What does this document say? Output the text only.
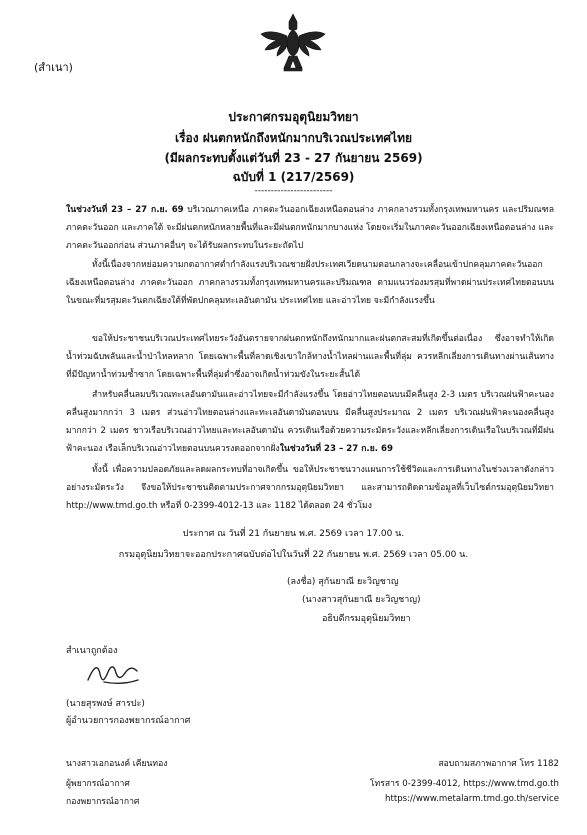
(สำเนา)
ประกาศกรมอุตุนิยมวิทยา
เรื่อง ฝนตกหนักถึงหนักมากบริเวณประเทศไทย
(มีผลกระทบตั้งแต่วันที่ 23 - 27 กันยายน 2569)
ฉบับที่ 1 (217/2569)
------------------------
ในช่วงวันที่ 23 – 27 ก.ย. 69 บริเวณภาคเหนือ ภาคตะวันออกเฉียงเหนือตอนล่าง ภาคกลางรวมทั้งกรุงเทพมหานคร และปริมณฑล ภาคตะวันออก และภาคใต้ จะมีฝนตกหนักหลายพื้นที่และมีฝนตกหนักมากบางแห่ง โดยจะเริ่มในภาคตะวันออกเฉียงเหนือตอนล่าง และภาคตะวันออกก่อน ส่วนภาคอื่นๆ จะได้รับผลกระทบในระยะถัดไป
ทั้งนี้เนื่องจากหย่อมความกดอากาศต่ำกำลังแรงบริเวณชายฝั่งประเทศเวียดนามตอนกลางจะเคลื่อนเข้าปกคลุมภาคตะวันออกเฉียงเหนือตอนล่าง ภาคตะวันออก ภาคกลางรวมทั้งกรุงเทพมหานครและปริมณฑล ตามแนวร่องมรสุมที่พาดผ่านประเทศไทยตอนบน ในขณะที่มรสุมตะวันตกเฉียงใต้ที่พัดปกคลุมทะเลอันดามัน ประเทศไทย และอ่าวไทย จะมีกำลังแรงขึ้น
ขอให้ประชาชนบริเวณประเทศไทยระวังอันตรายจากฝนตกหนักถึงหนักมากและฝนตกสะสมที่เกิดขึ้นต่อเนื่อง ซึ่งอาจทำให้เกิดน้ำท่วมฉับพลันและน้ำป่าไหลหลาก โดยเฉพาะพื้นที่ลาดเชิงเขาใกล้ทางน้ำไหลผ่านและพื้นที่ลุ่ม ควรหลีกเลี่ยงการเดินทางผ่านเส้นทางที่มีปัญหาน้ำท่วมซ้ำซาก โดยเฉพาะพื้นที่ลุ่มต่ำซึ่งอาจเกิดน้ำท่วมขังในระยะสั้นได้
สำหรับคลื่นลมบริเวณทะเลอันดามันและอ่าวไทยจะมีกำลังแรงขึ้น โดยอ่าวไทยตอนบนมีคลื่นสูง 2-3 เมตร บริเวณฝนฟ้าคะนองคลื่นสูงมากกว่า 3 เมตร ส่วนอ่าวไทยตอนล่างและทะเลอันดามันตอนบน มีคลื่นสูงประมาณ 2 เมตร บริเวณฝนฟ้าคะนองคลื่นสูงมากกว่า 2 เมตร ชาวเรือบริเวณอ่าวไทยและทะเลอันดามัน ควรเดินเรือด้วยความระมัดระวังและหลีกเลี่ยงการเดินเรือในบริเวณที่มีฝนฟ้าคะนอง เรือเล็กบริเวณอ่าวไทยตอนบนควรงดออกจากฝั่งในช่วงวันที่ 23 – 27 ก.ย. 69
ทั้งนี้ เพื่อความปลอดภัยและลดผลกระทบที่อาจเกิดขึ้น ขอให้ประชาชนวางแผนการใช้ชีวิตและการเดินทางในช่วงเวลาดังกล่าวอย่างระมัดระวัง จึงขอให้ประชาชนติดตามประกาศจากกรมอุตุนิยมวิทยา และสามารถติดตามข้อมูลที่เว็บไซต์กรมอุตุนิยมวิทยา http://www.tmd.go.th หรือที่ 0-2399-4012-13 และ 1182 ได้ตลอด 24 ชั่วโมง
ประกาศ ณ วันที่ 21 กันยายน พ.ศ. 2569 เวลา 17.00 น.
กรมอุตุนิยมวิทยาจะออกประกาศฉบับต่อไปในวันที่ 22 กันยายน พ.ศ. 2569 เวลา 05.00 น.
(ลงชื่อ) สุกันยาณี ยะวิญชาญ
(นางสาวสุกันยาณี ยะวิญชาญ)
อธิบดีกรมอุตุนิยมวิทยา
สำเนาถูกต้อง
(นายสุรพงษ์ สารปะ)
ผู้อำนวยการกองพยากรณ์อากาศ
นางสาวเอกอนงค์ เคียนทอง
ผู้พยากรณ์อากาศ
กองพยากรณ์อากาศ
สอบถามสภาพอากาศ โทร 1182
โทรสาร 0-2399-4012, https://www.tmd.go.th
https://www.metalarm.tmd.go.th/service
